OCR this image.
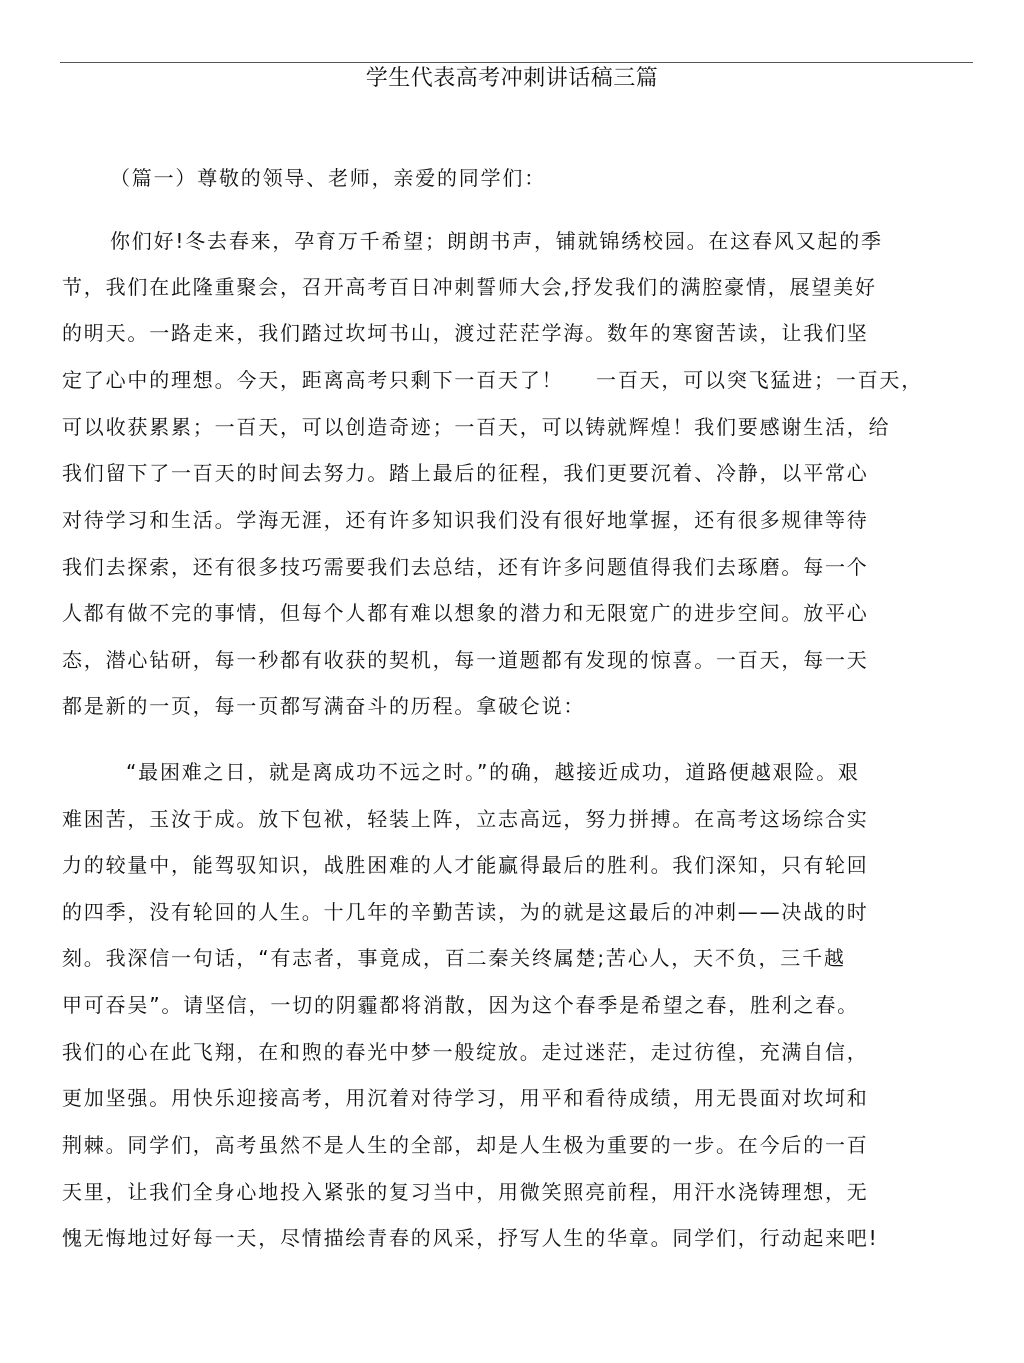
学生代表高考冲刺讲话稿三篇
（篇一）尊敬的领导、老师，亲爱的同学们：
你们好!冬去春来，孕育万千希望；朗朗书声，铺就锦绣校园。在这春风又起的季
节，我们在此隆重聚会，召开高考百日冲刺誓师大会,抒发我们的满腔豪情，展望美好
的明天。一路走来，我们踏过坎坷书山，渡过茫茫学海。数年的寒窗苦读，让我们坚
定了心中的理想。今天，距离高考只剩下一百天了！    一百天，可以突飞猛进；一百天，
可以收获累累；一百天，可以创造奇迹；一百天，可以铸就辉煌！我们要感谢生活，给
我们留下了一百天的时间去努力。踏上最后的征程，我们更要沉着、冷静，以平常心
对待学习和生活。学海无涯，还有许多知识我们没有很好地掌握，还有很多规律等待
我们去探索，还有很多技巧需要我们去总结，还有许多问题值得我们去琢磨。每一个
人都有做不完的事情，但每个人都有难以想象的潜力和无限宽广的进步空间。放平心
态，潜心钻研，每一秒都有收获的契机，每一道题都有发现的惊喜。一百天，每一天
都是新的一页，每一页都写满奋斗的历程。拿破仑说：
“最困难之日，就是离成功不远之时。”的确，越接近成功，道路便越艰险。艰
难困苦，玉汝于成。放下包袱，轻装上阵，立志高远，努力拼搏。在高考这场综合实
力的较量中，能驾驭知识，战胜困难的人才能赢得最后的胜利。我们深知，只有轮回
的四季，没有轮回的人生。十几年的辛勤苦读，为的就是这最后的冲刺——决战的时
刻。我深信一句话，“有志者，事竟成，百二秦关终属楚;苦心人，天不负，三千越
甲可吞吴”。请坚信，一切的阴霾都将消散，因为这个春季是希望之春，胜利之春。
我们的心在此飞翔，在和煦的春光中梦一般绽放。走过迷茫，走过彷徨，充满自信，
更加坚强。用快乐迎接高考，用沉着对待学习，用平和看待成绩，用无畏面对坎坷和
荆棘。同学们，高考虽然不是人生的全部，却是人生极为重要的一步。在今后的一百
天里，让我们全身心地投入紧张的复习当中，用微笑照亮前程，用汗水浇铸理想，无
愧无悔地过好每一天，尽情描绘青春的风采，抒写人生的华章。同学们，行动起来吧!
